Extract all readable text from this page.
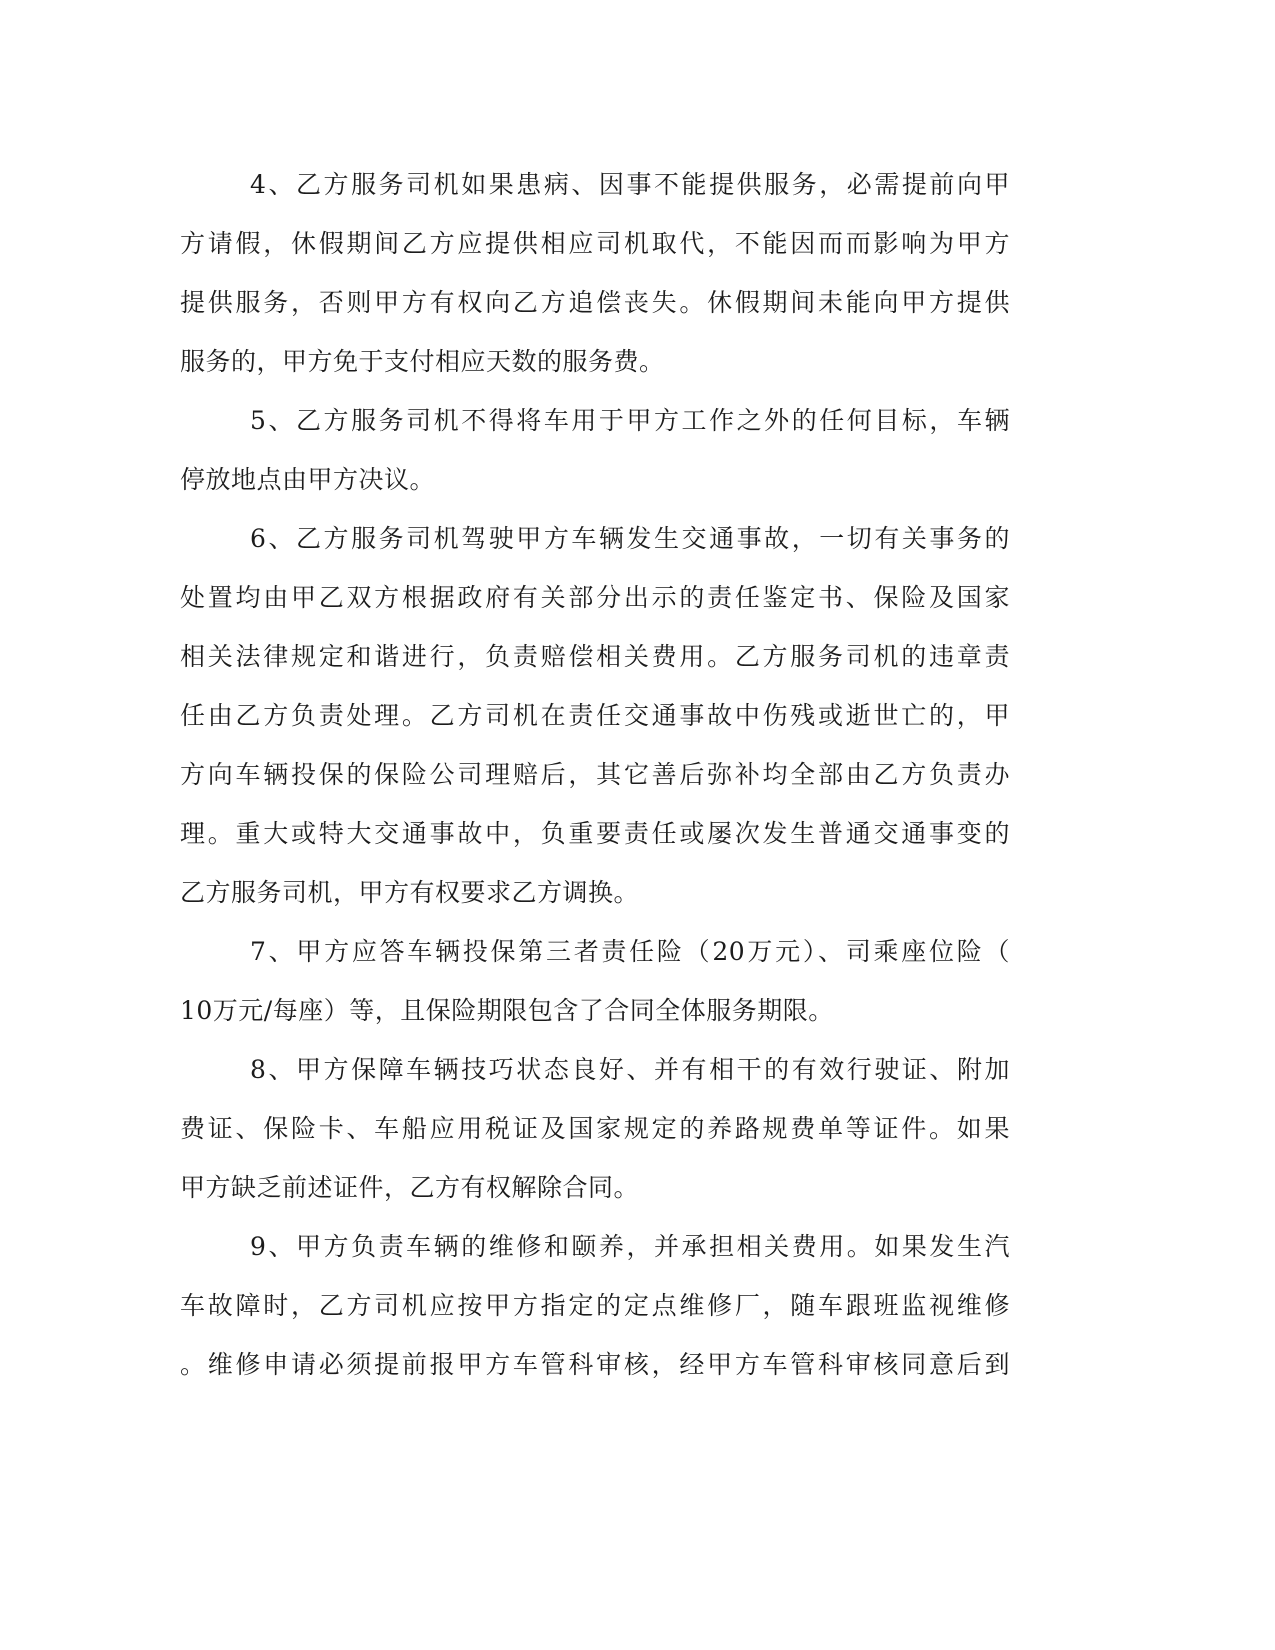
4、乙方服务司机如果患病、因事不能提供服务，必需提前向甲
方请假，休假期间乙方应提供相应司机取代，不能因而而影响为甲方
提供服务，否则甲方有权向乙方追偿丧失。休假期间未能向甲方提供
服务的，甲方免于支付相应天数的服务费。
5、乙方服务司机不得将车用于甲方工作之外的任何目标，车辆
停放地点由甲方决议。
6、乙方服务司机驾驶甲方车辆发生交通事故，一切有关事务的
处置均由甲乙双方根据政府有关部分出示的责任鉴定书、保险及国家
相关法律规定和谐进行，负责赔偿相关费用。乙方服务司机的违章责
任由乙方负责处理。乙方司机在责任交通事故中伤残或逝世亡的，甲
方向车辆投保的保险公司理赔后，其它善后弥补均全部由乙方负责办
理。重大或特大交通事故中，负重要责任或屡次发生普通交通事变的
乙方服务司机，甲方有权要求乙方调换。
7、甲方应答车辆投保第三者责任险（20万元）、司乘座位险（
10万元/每座）等，且保险期限包含了合同全体服务期限。
8、甲方保障车辆技巧状态良好、并有相干的有效行驶证、附加
费证、保险卡、车船应用税证及国家规定的养路规费单等证件。如果
甲方缺乏前述证件，乙方有权解除合同。
9、甲方负责车辆的维修和颐养，并承担相关费用。如果发生汽
车故障时，乙方司机应按甲方指定的定点维修厂，随车跟班监视维修
。维修申请必须提前报甲方车管科审核，经甲方车管科审核同意后到
